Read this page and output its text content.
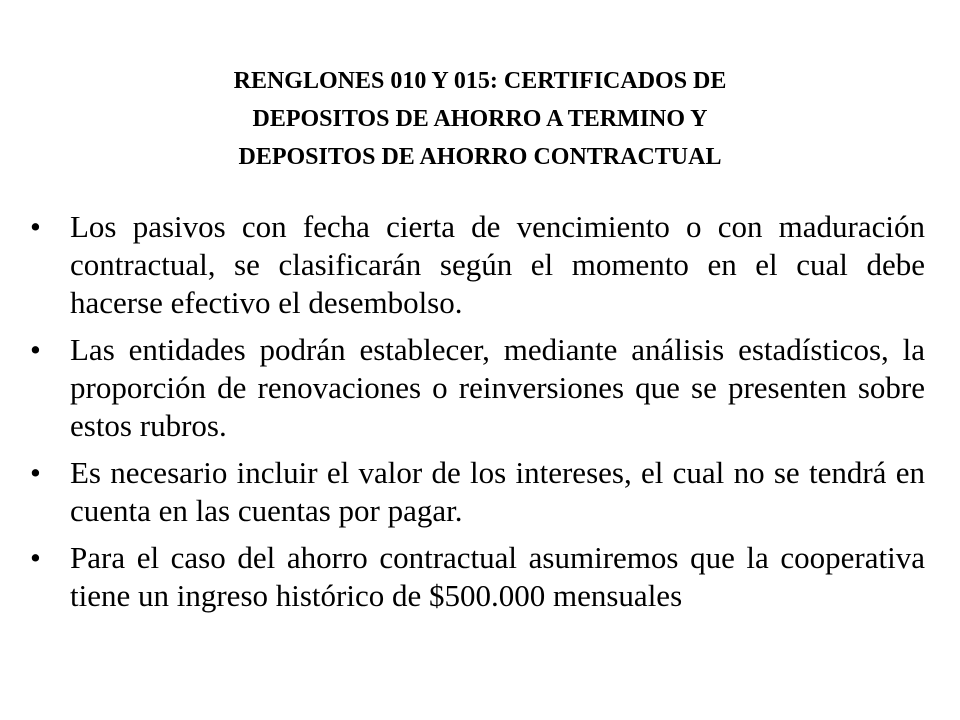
RENGLONES 010 Y 015: CERTIFICADOS DE
DEPOSITOS DE AHORRO A TERMINO Y
DEPOSITOS DE AHORRO CONTRACTUAL
• Los pasivos con fecha cierta de vencimiento o con maduración contractual, se clasificarán según el momento en el cual debe hacerse efectivo el desembolso.
• Las entidades podrán establecer, mediante análisis estadísticos, la proporción de renovaciones o reinversiones que se presenten sobre estos rubros.
• Es necesario incluir el valor de los intereses, el cual no se tendrá en cuenta en las cuentas por pagar.
• Para el caso del ahorro contractual asumiremos que la cooperativa tiene un ingreso histórico de $500.000 mensuales
